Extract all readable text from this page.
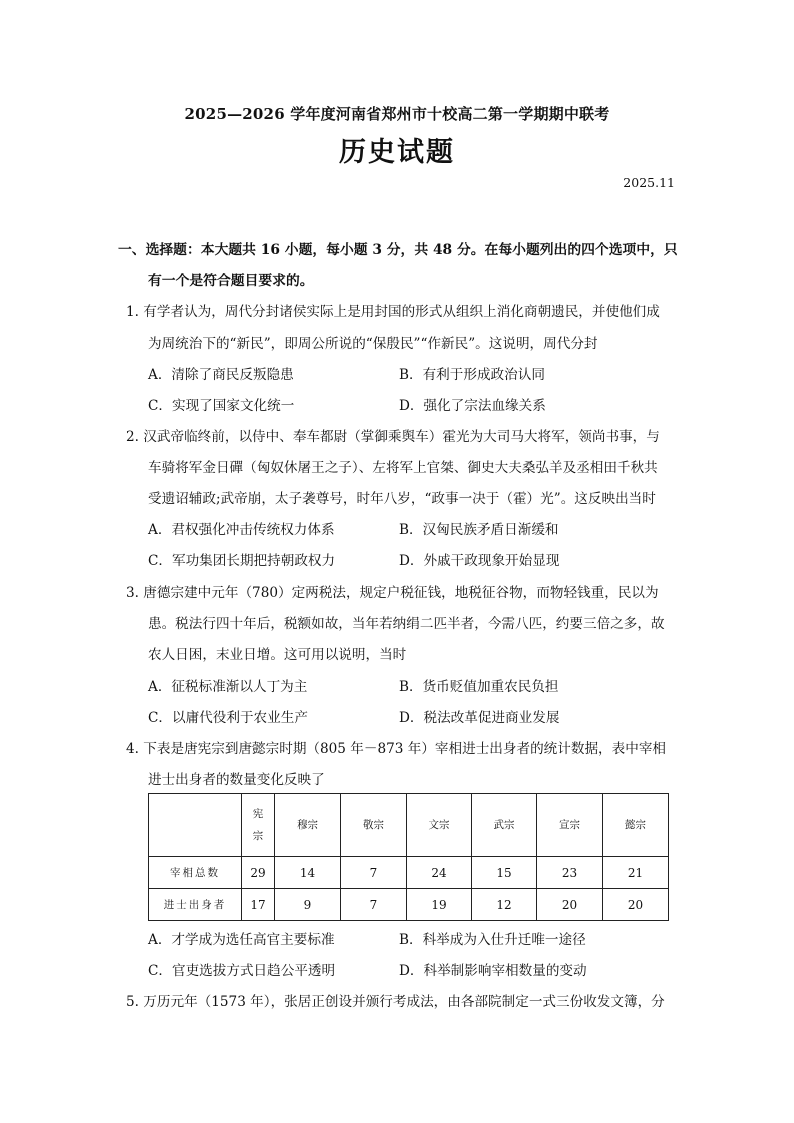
2025—2026 学年度河南省郑州市十校高二第一学期期中联考
历史试题
2025.11
一、选择题：本大题共 16 小题，每小题 3 分，共 48 分。在每小题列出的四个选项中，只
有一个是符合题目要求的。
1. 有学者认为，周代分封诸侯实际上是用封国的形式从组织上消化商朝遗民，并使他们成
为周统治下的“新民”，即周公所说的“保殷民”“作新民”。这说明，周代分封
A．清除了商民反叛隐患	B．有利于形成政治认同
C．实现了国家文化统一	D．强化了宗法血缘关系
2. 汉武帝临终前，以侍中、奉车都尉（掌御乘舆车）霍光为大司马大将军，领尚书事，与
车骑将军金日磾（匈奴休屠王之子）、左将军上官桀、御史大夫桑弘羊及丞相田千秋共
受遗诏辅政;武帝崩，太子袭尊号，时年八岁，“政事一决于（霍）光”。这反映出当时
A．君权强化冲击传统权力体系	B．汉匈民族矛盾日渐缓和
C．军功集团长期把持朝政权力	D．外戚干政现象开始显现
3. 唐德宗建中元年（780）定两税法，规定户税征钱，地税征谷物，而物轻钱重，民以为
患。税法行四十年后，税额如故，当年若纳绢二匹半者，今需八匹，约要三倍之多，故
农人日困，末业日增。这可用以说明，当时
A．征税标准渐以人丁为主	B．货币贬值加重农民负担
C．以庸代役利于农业生产	D．税法改革促进商业发展
4. 下表是唐宪宗到唐懿宗时期（805 年－873 年）宰相进士出身者的统计数据，表中宰相
进士出身者的数量变化反映了
	宪宗	穆宗	敬宗	文宗	武宗	宣宗	懿宗
宰相总数	29	14	7	24	15	23	21
进士出身者	17	9	7	19	12	20	20
A．才学成为选任高官主要标准	B．科举成为入仕升迁唯一途径
C．官吏选拔方式日趋公平透明	D．科举制影响宰相数量的变动
5. 万历元年（1573 年），张居正创设并颁行考成法，由各部院制定一式三份收发文簿，分
